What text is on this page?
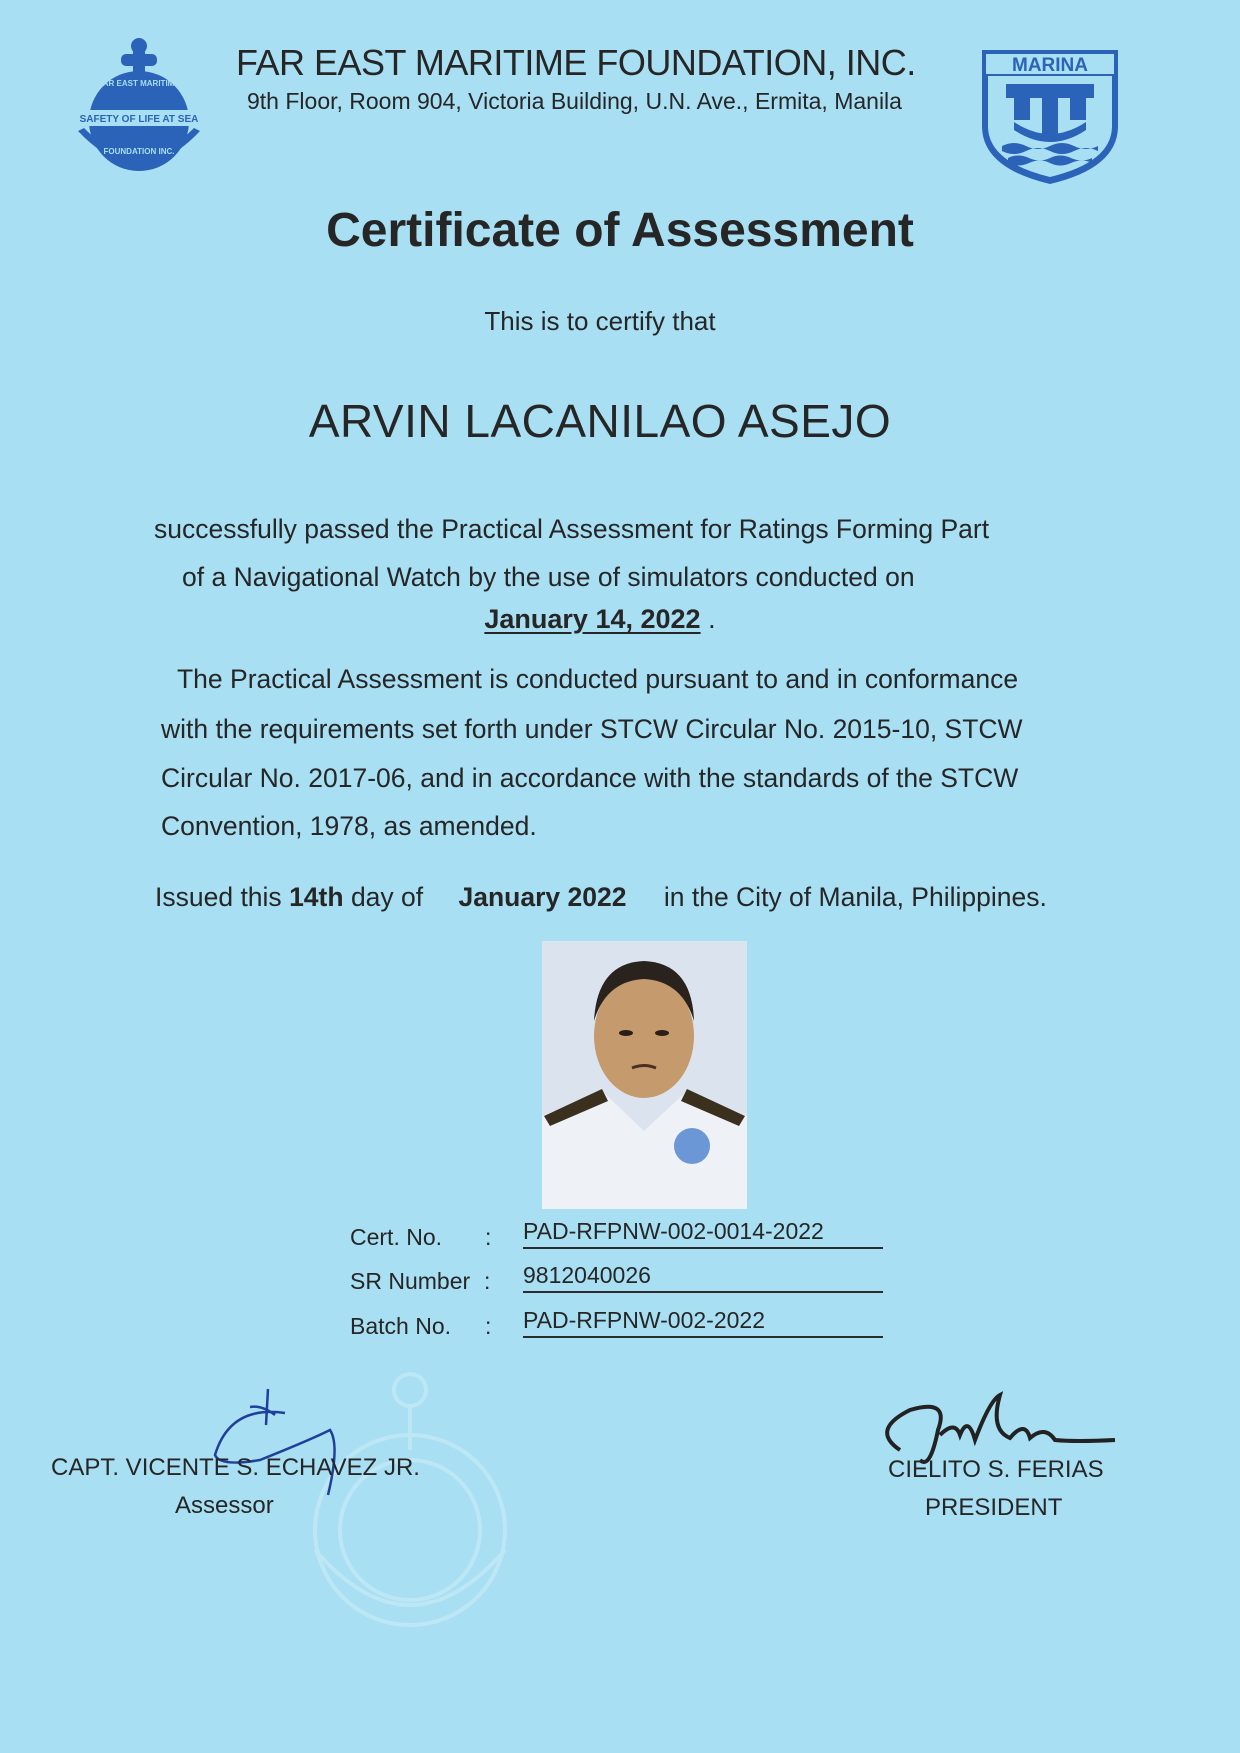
SAFETY OF LIFE AT SEA
FAR EAST MARITIME
FOUNDATION INC.
FAR EAST MARITIME FOUNDATION, INC.
9th Floor, Room 904, Victoria Building, U.N. Ave., Ermita, Manila
MARINA
Certificate of Assessment
This is to certify that
ARVIN LACANILAO ASEJO
successfully passed the Practical Assessment for Ratings Forming Part
of a Navigational Watch by the use of simulators conducted on
January 14, 2022 .
The Practical Assessment is conducted pursuant to and in conformance
with the requirements set forth under STCW Circular No. 2015-10, STCW
Circular No. 2017-06, and in accordance with the standards of the STCW
Convention, 1978, as amended.
Issued this 14th day of January 2022 in the City of Manila, Philippines.
Cert. No. : PAD-RFPNW-002-0014-2022
SR Number : 9812040026
Batch No. : PAD-RFPNW-002-2022
CAPT. VICENTE S. ECHAVEZ JR.
Assessor
CIELITO S. FERIAS
PRESIDENT
